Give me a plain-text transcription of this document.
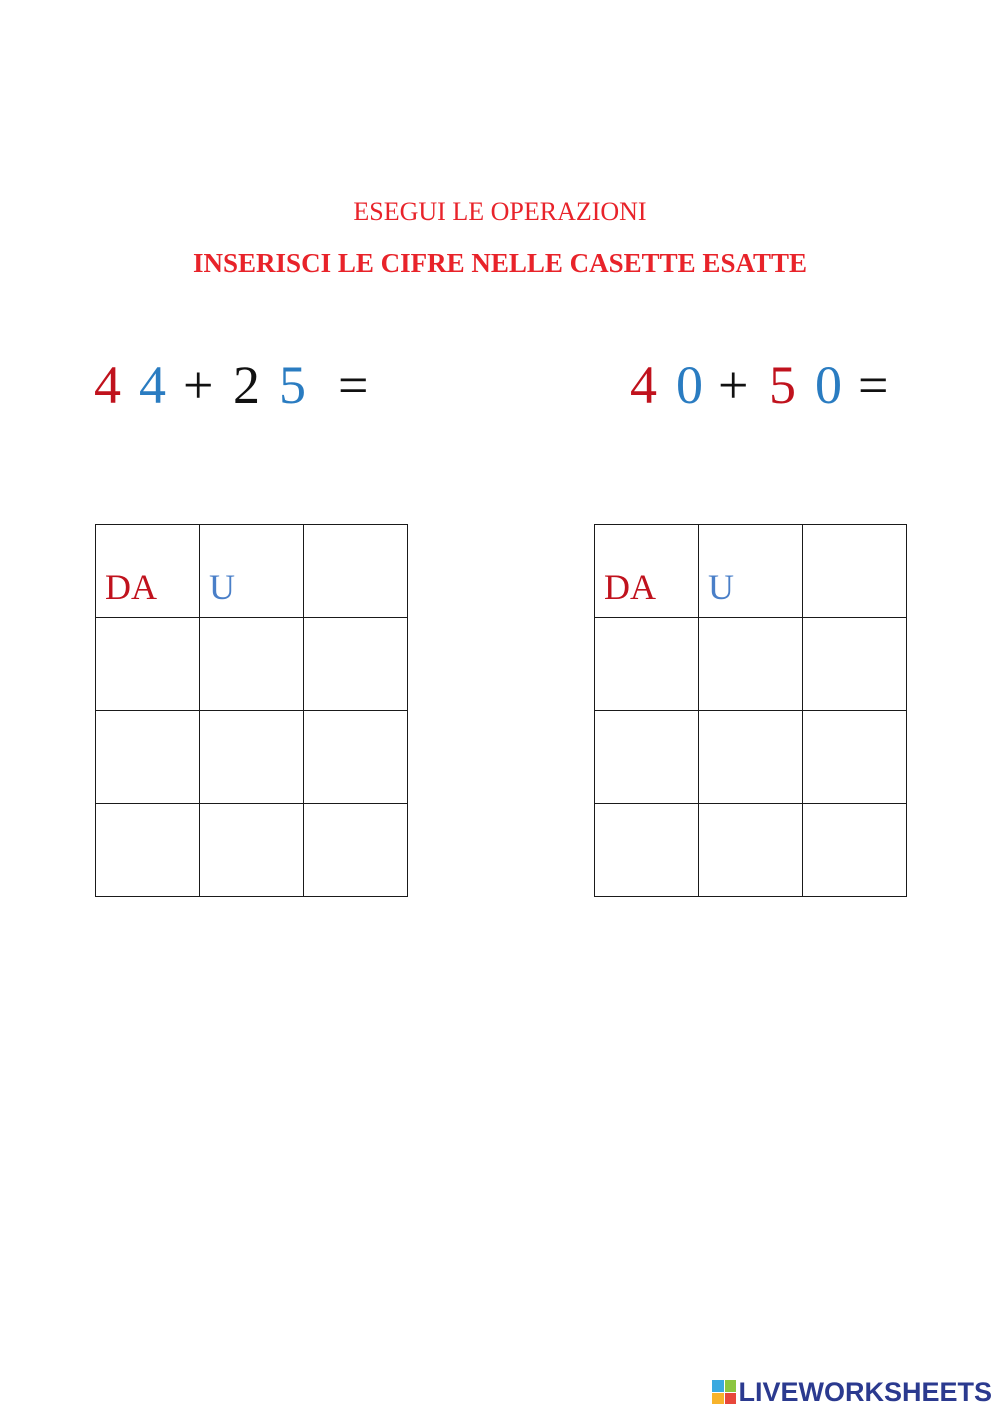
ESEGUI LE OPERAZIONI
INSERISCI LE CIFRE NELLE CASETTE ESATTE
4 4 + 2 5 =	4 0 + 5 0 =
DA	U	

			DA	U	

LIVEWORKSHEETS
